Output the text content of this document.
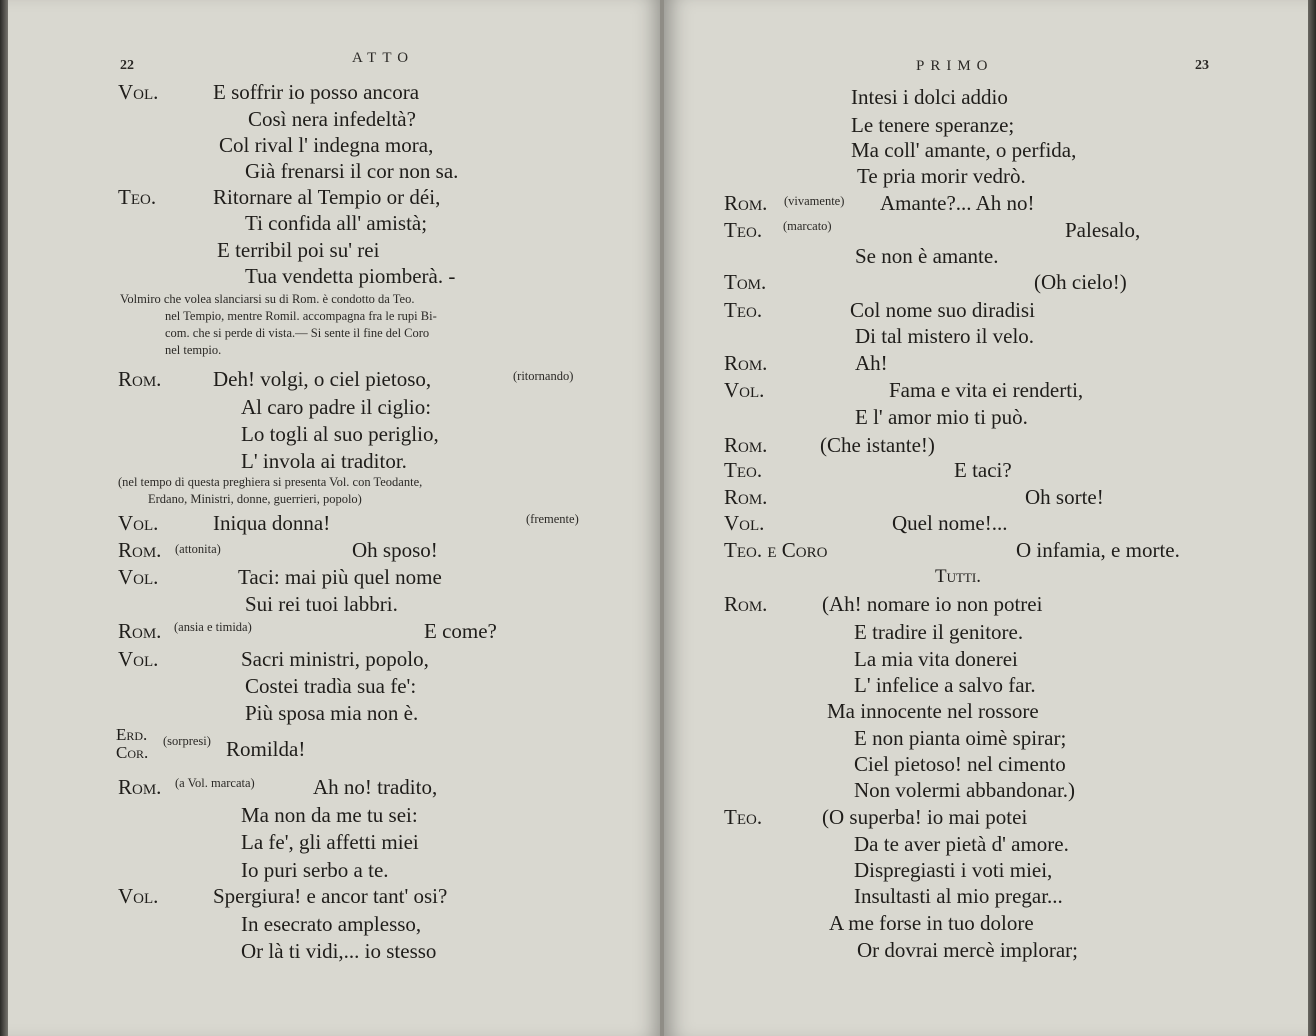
22	ATTO
Vol.	E soffrir io posso ancora
Così nera infedeltà?
Col rival l' indegna mora,
Già frenarsi il cor non sa.
Teo.	Ritornare al Tempio or déi,
Ti confida all' amistà;
E terribil poi su' rei
Tua vendetta piomberà. -
Volmiro che volea slanciarsi su di Rom. è condotto da Teo.
nel Tempio, mentre Romil. accompagna fra le rupi Bi-
com. che si perde di vista.— Si sente il fine del Coro
nel tempio.
Rom. Deh! volgi, o ciel pietoso,	(ritornando)
Al caro padre il ciglio:
Lo togli al suo periglio,
L' invola ai traditor.
(nel tempo di questa preghiera si presenta Vol. con Teodante,
Erdano, Ministri, donne, guerrieri, popolo)
Vol.	Iniqua donna!	(fremente)
Rom. (attonita)	Oh sposo!
Vol.	Taci: mai più quel nome
Sui rei tuoi labbri.
Rom. (ansia e timida)	E come?
Vol.	Sacri ministri, popolo,
Costei tradìa sua fe':
Più sposa mia non è.
Erd.
Cor.
(sorpresi) Romilda!
Rom. (a Vol. marcata)	Ah no! tradito,
Ma non da me tu sei:
La fe', gli affetti miei
Io puri serbo a te.
Vol.	Spergiura! e ancor tant' osi?
In esecrato amplesso,
Or là ti vidi,... io stesso
PRIMO	23
Intesi i dolci addio
Le tenere speranze;
Ma coll' amante, o perfida,
Te pria morir vedrò.
Rom. (vivamente) Amante?... Ah no!
Teo. (marcato)	Palesalo,
Se non è amante.
Tom.	(Oh cielo!)
Teo.	Col nome suo diradisi
Di tal mistero il velo.
Rom.	Ah!
Vol.	Fama e vita ei renderti,
E l' amor mio ti può.
Rom.	(Che istante!)
Teo.	E taci?
Rom.	Oh sorte!
Vol.	Quel nome!...
Teo. e Coro	O infamia, e morte.
Tutti.
Rom.	(Ah! nomare io non potrei
E tradire il genitore.
La mia vita donerei
L' infelice a salvo far.
Ma innocente nel rossore
E non pianta oimè spirar;
Ciel pietoso! nel cimento
Non volermi abbandonar.)
Teo.	(O superba! io mai potei
Da te aver pietà d' amore.
Dispregiasti i voti miei,
Insultasti al mio pregar...
A me forse in tuo dolore
Or dovrai mercè implorar;
